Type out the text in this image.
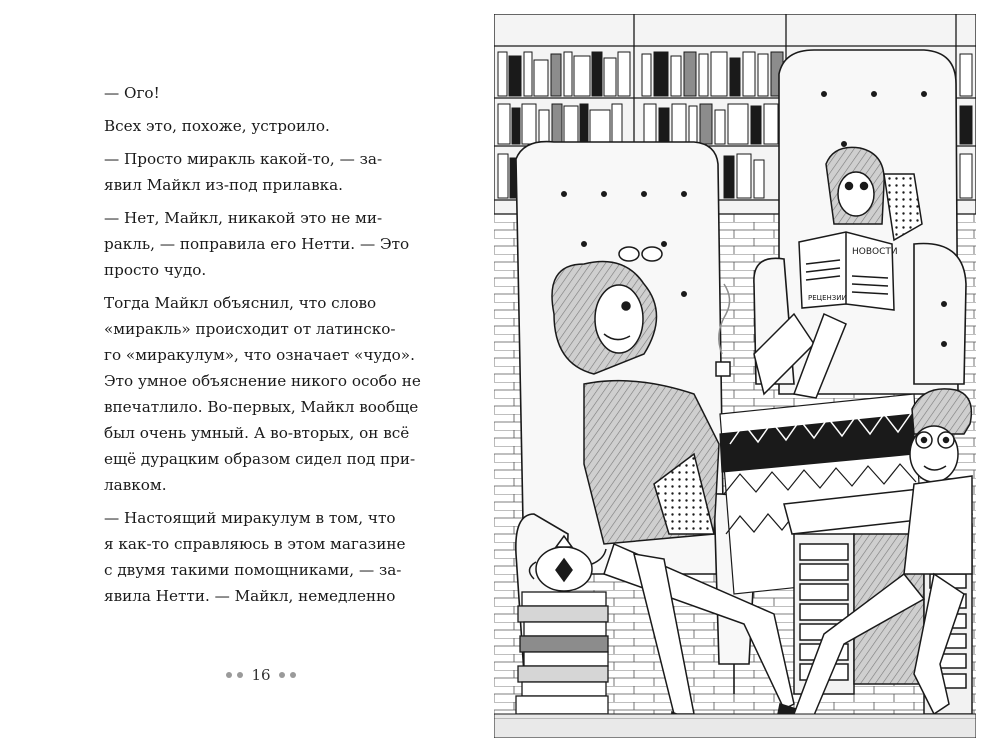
— Ого!

Всех это, похоже, устроило.

— Просто миракль какой-то, — за-
явил Майкл из-под прилавка.

— Нет, Майкл, никакой это не ми-
ракль, — поправила его Нетти. — Это
просто чудо.

Тогда Майкл объяснил, что слово
«миракль» происходит от латинско-
го «миракулум», что означает «чудо».
Это умное объяснение никого особо не
впечатлило. Во-первых, Майкл вообще
был очень умный. А во-вторых, он всё
ещё дурацким образом сидел под при-
лавком.

— Настоящий миракулум в том, что
я как-то справляюсь в этом магазине
с двумя такими помощниками, — за-
явила Нетти. — Майкл, немедленно

16
НОВОСТИ
РЕЦЕНЗИИ
